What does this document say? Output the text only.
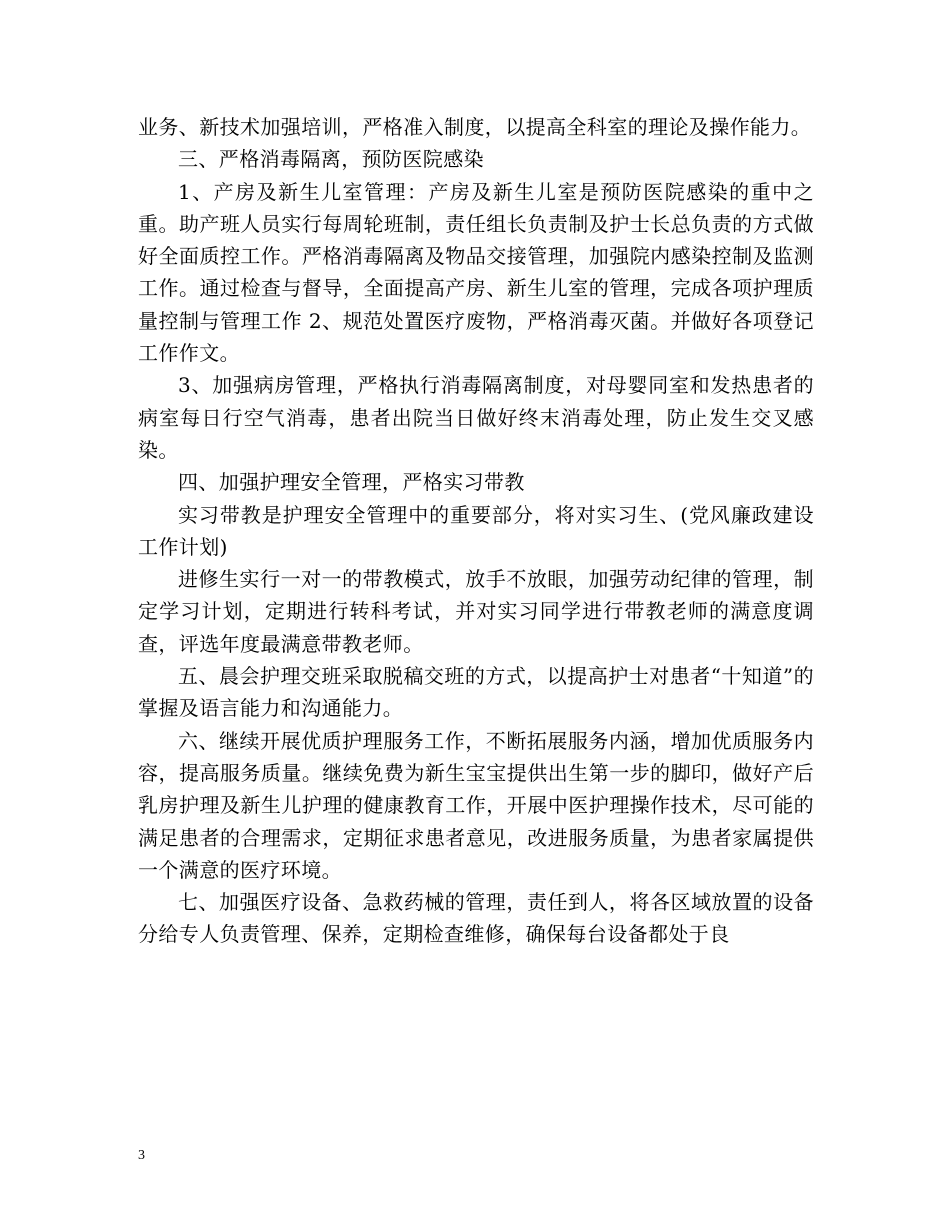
业务、新技术加强培训，严格准入制度，以提高全科室的理论及操作能力。

三、严格消毒隔离，预防医院感染

1、产房及新生儿室管理：产房及新生儿室是预防医院感染的重中之重。助产班人员实行每周轮班制，责任组长负责制及护士长总负责的方式做好全面质控工作。严格消毒隔离及物品交接管理，加强院内感染控制及监测工作。通过检查与督导，全面提高产房、新生儿室的管理，完成各项护理质量控制与管理工作 2、规范处置医疗废物，严格消毒灭菌。并做好各项登记工作作文。

3、加强病房管理，严格执行消毒隔离制度，对母婴同室和发热患者的病室每日行空气消毒，患者出院当日做好终末消毒处理，防止发生交叉感染。

四、加强护理安全管理，严格实习带教

实习带教是护理安全管理中的重要部分，将对实习生、(党风廉政建设工作计划)

进修生实行一对一的带教模式，放手不放眼，加强劳动纪律的管理，制定学习计划，定期进行转科考试，并对实习同学进行带教老师的满意度调查，评选年度最满意带教老师。

五、晨会护理交班采取脱稿交班的方式，以提高护士对患者“十知道”的掌握及语言能力和沟通能力。

六、继续开展优质护理服务工作，不断拓展服务内涵，增加优质服务内容，提高服务质量。继续免费为新生宝宝提供出生第一步的脚印，做好产后乳房护理及新生儿护理的健康教育工作，开展中医护理操作技术，尽可能的满足患者的合理需求，定期征求患者意见，改进服务质量，为患者家属提供一个满意的医疗环境。

七、加强医疗设备、急救药械的管理，责任到人，将各区域放置的设备分给专人负责管理、保养，定期检查维修，确保每台设备都处于良

3
